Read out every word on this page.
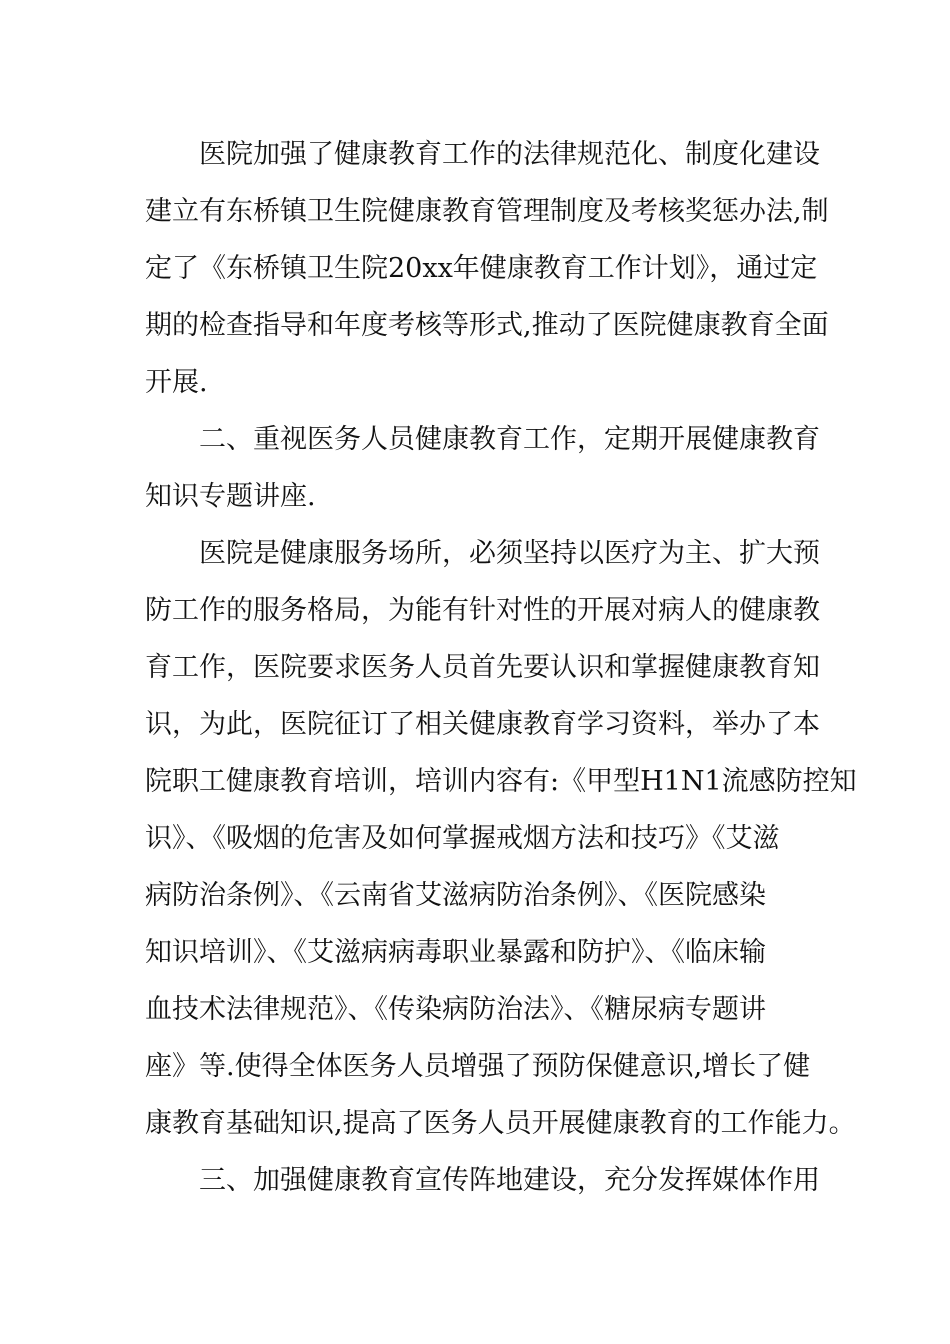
医院加强了健康教育工作的法律规范化、制度化建设
建立有东桥镇卫生院健康教育管理制度及考核奖惩办法,制
定了《东桥镇卫生院20xx年健康教育工作计划》，通过定
期的检查指导和年度考核等形式,推动了医院健康教育全面
开展.
二、重视医务人员健康教育工作，定期开展健康教育
知识专题讲座.
医院是健康服务场所，必须坚持以医疗为主、扩大预
防工作的服务格局，为能有针对性的开展对病人的健康教
育工作，医院要求医务人员首先要认识和掌握健康教育知
识，为此，医院征订了相关健康教育学习资料，举办了本
院职工健康教育培训，培训内容有:《甲型H1N1流感防控知
识》、《吸烟的危害及如何掌握戒烟方法和技巧》《艾滋
病防治条例》、《云南省艾滋病防治条例》、《医院感染
知识培训》、《艾滋病病毒职业暴露和防护》、《临床输
血技术法律规范》、《传染病防治法》、《糖尿病专题讲
座》等.使得全体医务人员增强了预防保健意识,增长了健
康教育基础知识,提高了医务人员开展健康教育的工作能力。
三、加强健康教育宣传阵地建设，充分发挥媒体作用
